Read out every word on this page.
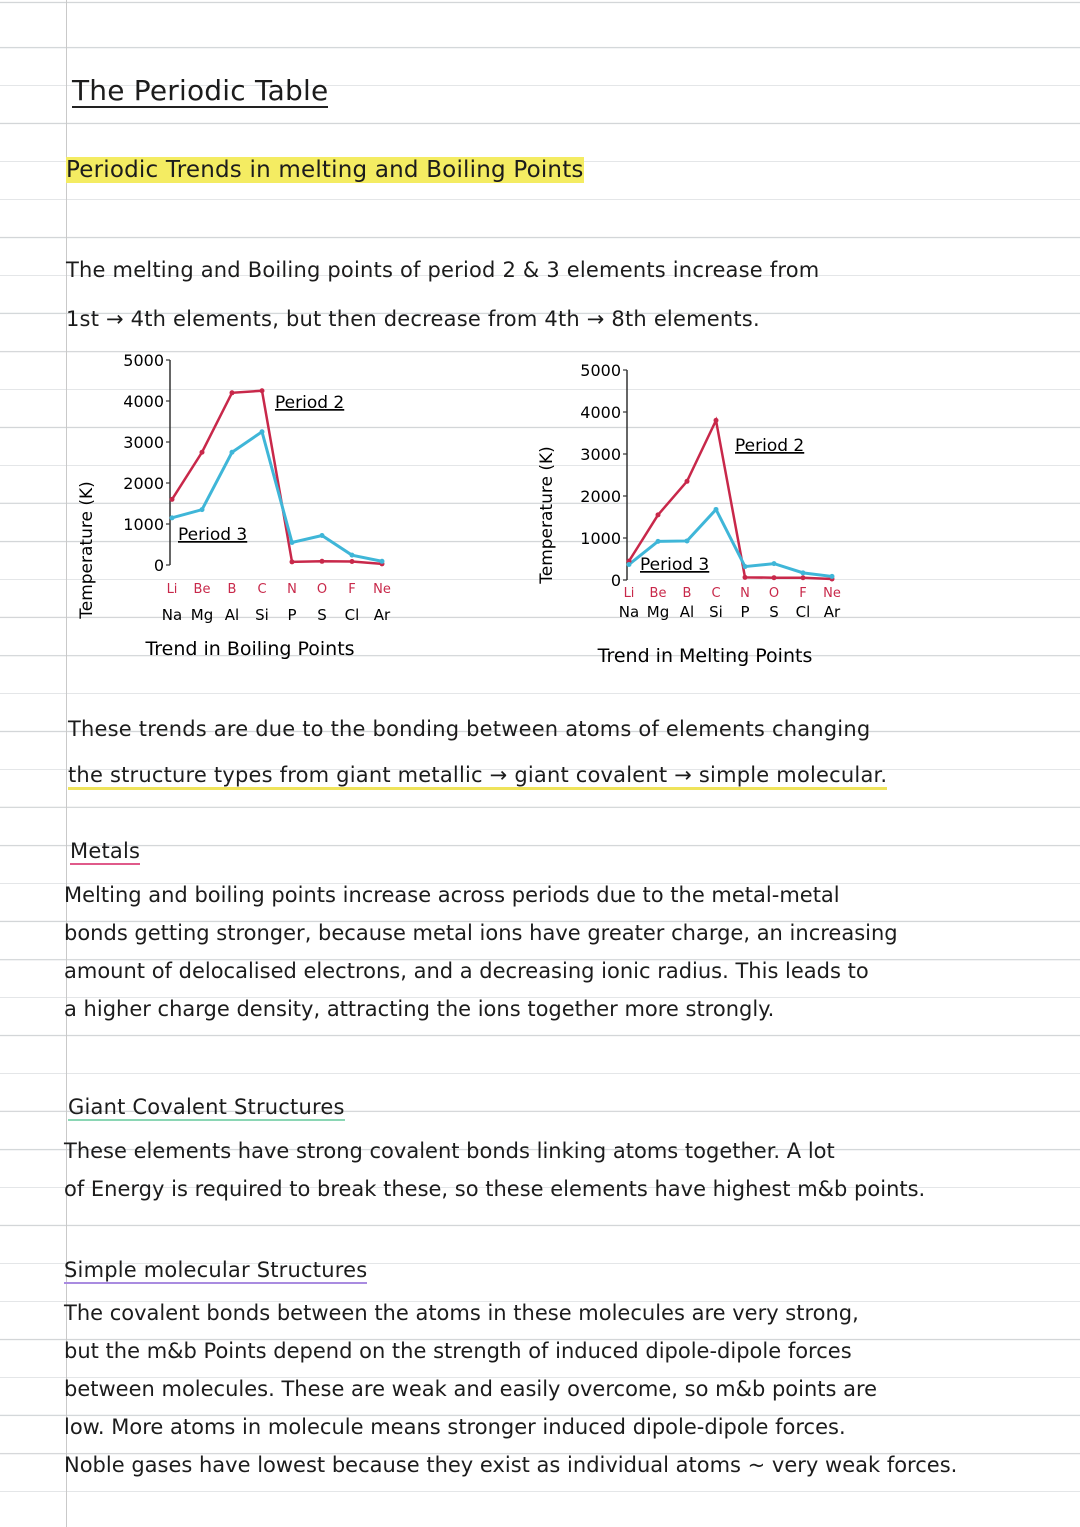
The Periodic Table
Periodic Trends in melting and Boiling Points
The melting and Boiling points of period 2 & 3 elements increase from
1st → 4th elements, but then decrease from 4th → 8th elements.
Temperature (K)
5000
4000
3000
2000
1000
0
Period 2
Period 3
Li Be B C N O F Ne
Na Mg Al Si P S Cl Ar
Trend in Boiling Points
Temperature (K)
5000
4000
3000
2000
1000
0
Period 2
Period 3
Li Be B C N O F Ne
Na Mg Al Si P S Cl Ar
Trend in Melting Points
These trends are due to the bonding between atoms of elements changing
the structure types from giant metallic → giant covalent → simple molecular.
Metals
Melting and boiling points increase across periods due to the metal-metal
bonds getting stronger, because metal ions have greater charge, an increasing
amount of delocalised electrons, and a decreasing ionic radius. This leads to
a higher charge density, attracting the ions together more strongly.
Giant Covalent Structures
These elements have strong covalent bonds linking atoms together. A lot
of Energy is required to break these, so these elements have highest m&b points.
Simple molecular Structures
The covalent bonds between the atoms in these molecules are very strong,
but the m&b Points depend on the strength of induced dipole-dipole forces
between molecules. These are weak and easily overcome, so m&b points are
low. More atoms in molecule means stronger induced dipole-dipole forces.
Noble gases have lowest because they exist as individual atoms ~ very weak forces.
